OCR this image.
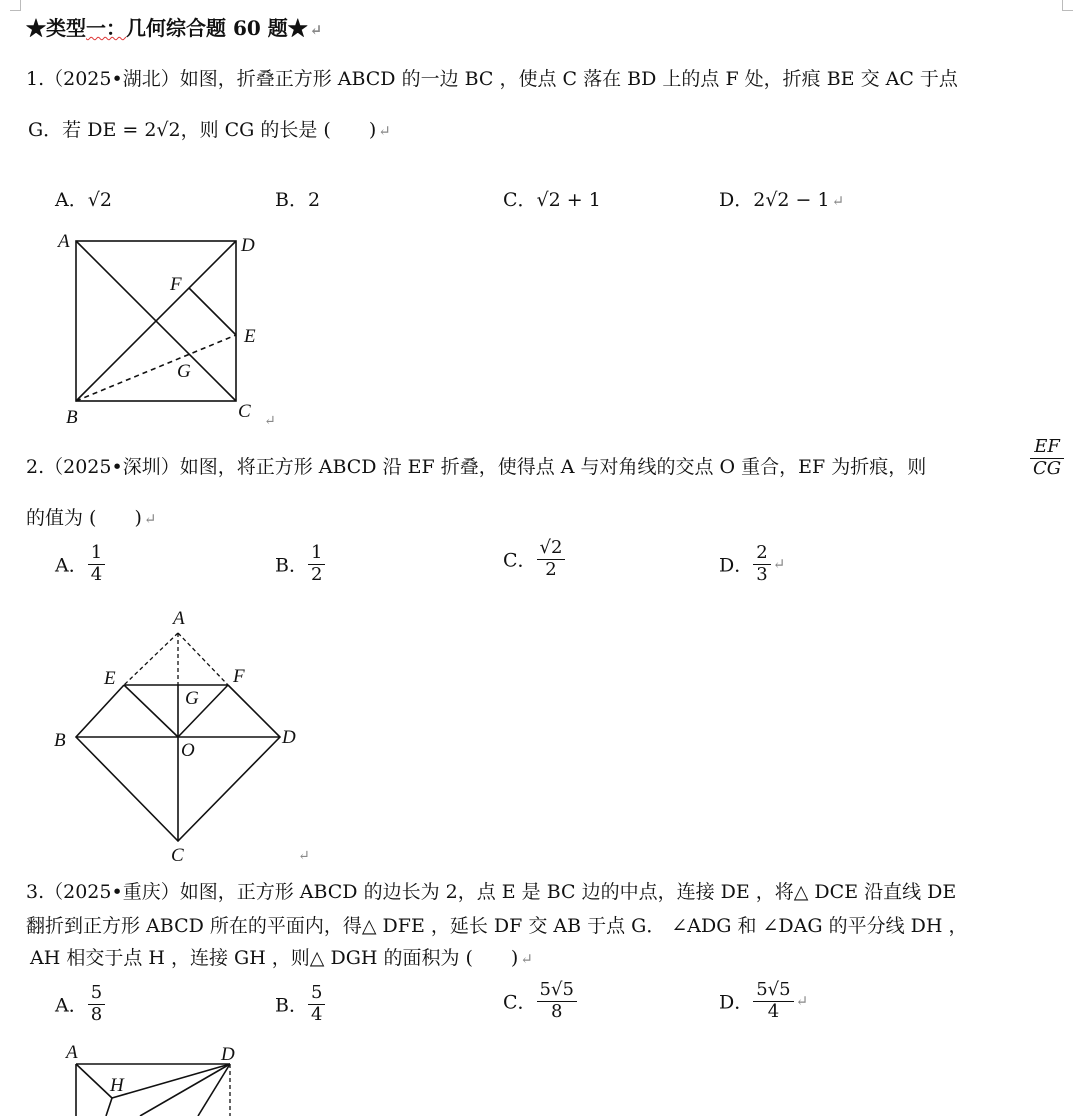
★类型一：几何综合题 60 题★ ↵
1.（2025•湖北）如图，折叠正方形 ABCD 的一边 BC ，使点 C 落在 BD 上的点 F 处，折痕 BE 交 AC 于点
G．若 DE = 2√2，则 CG 的长是 (　　) ↵
A．√2	B．2	C．√2 + 1	D．2√2 − 1 ↵
A	D
F
E
G
B	C ↵
2.（2025•深圳）如图，将正方形 ABCD 沿 EF 折叠，使得点 A 与对角线的交点 O 重合，EF 为折痕，则	$\frac{EF}{CG}$
的值为 (　　) ↵
A． $\frac{1}{4}$	B． $\frac{1}{2}$	C． $\frac{√2}{2}$	D． $\frac{2}{3}$ ↵
A
E	F
G
B	O
D
C	↵
3.（2025•重庆）如图，正方形 ABCD 的边长为 2，点 E 是 BC 边的中点，连接 DE ，将△ DCE 沿直线 DE
翻折到正方形 ABCD 所在的平面内，得△ DFE ，延长 DF 交 AB 于点 G． ∠ADG 和 ∠DAG 的平分线 DH ，
AH 相交于点 H ，连接 GH ，则△ DGH 的面积为 (　　) ↵
A． $\frac{5}{8}$	B． $\frac{5}{4}$	C． $\frac{5√5}{8}$	D． $\frac{5√5}{4}$ ↵
A	D
H
